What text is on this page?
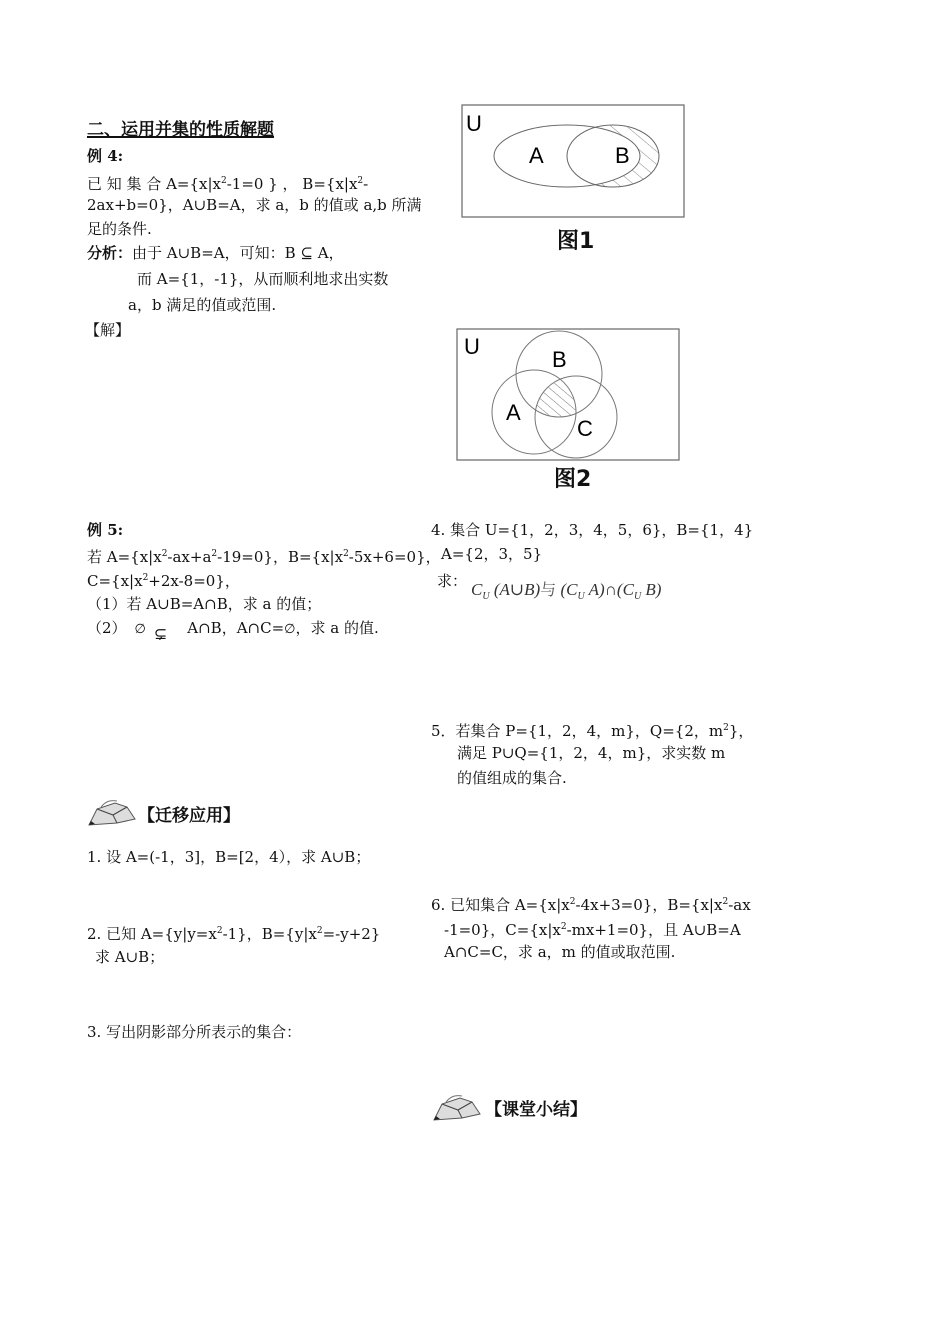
二、运用并集的性质解题
例 4:
已 知 集 合 $A=\{x|x^2-1=0$ } ， $B=\{x|x^2-$
2ax+b=0}，A∪B=A，求 a，b 的值或 a,b 所满
足的条件.
分析：由于 A∪B=A，可知：B ⊆ A，
而 A={1，-1}，从而顺利地求出实数
a，b 满足的值或范围.
【解】
U
A	B
图1
U
B
A
C
图2
例 5:
若 $A=\{x|x^2-ax+a^2-19=0\}$，$B=\{x|x^2-5x+6=0\}$，
$C=\{x|x^2+2x-8=0\}$，
（1）若 A∪B=A∩B，求 a 的值；
（2） ∅ ⊊ A∩B，A∩C=∅，求 a 的值.
4. 集合 U={1，2，3，4，5，6}，B={1，4}
A={2，3，5}
求： $C_U$ (A∪B)与 ($C_U$ $A)\cap(C_U$ B)
5．若集合 P={1，2，4，m}，Q={2，$m^2$}，
满足 P∪Q={1，2，4，m}，求实数 m
的值组成的集合.
【迁移应用】
1. 设 A=(-1，3]，B=[2，4），求 A∪B；
2. 已知 $A=\{y|y=x^2-1\}$，$B=\{y|x^2=-y+2\}$
求 A∪B；
3. 写出阴影部分所表示的集合：
6. 已知集合 $A=\{x|x^2-4x+3=0\}$，$B=\{x|x^2-ax$
-1=0}，$C=\{x|x^2-mx+1=0\}$，且 A∪B=A
A∩C=C，求 a，m 的值或取范围.
【课堂小结】
